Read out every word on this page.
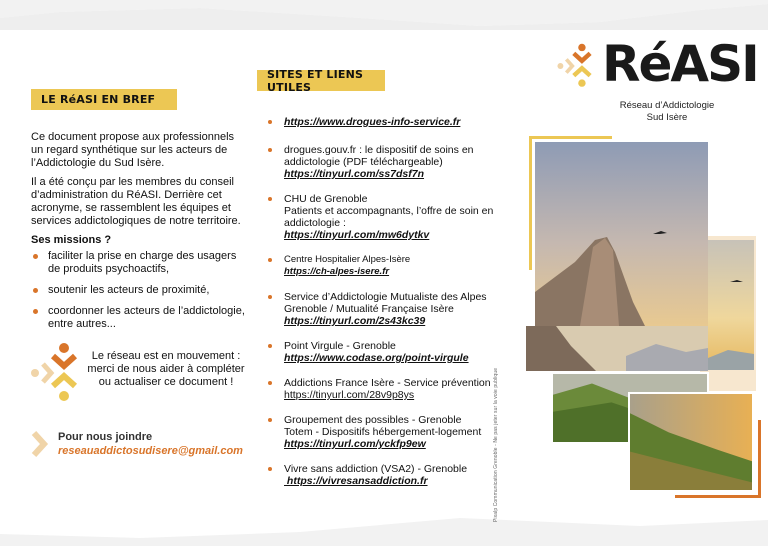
LE RéASI EN BREF

Ce document propose aux professionnels un regard synthétique sur les acteurs de l’Addictologie du Sud Isère.

Il a été conçu par les membres du conseil d’administration du RéASI. Derrière cet acronyme, se rassemblent les équipes et services addictologiques de notre territoire.

Ses missions ?
faciliter la prise en charge des usagers de produits psychoactifs,
soutenir les acteurs de proximité,
coordonner les acteurs de l’addictologie, entre autres...

Le réseau est en mouvement : merci de nous aider à compléter ou actualiser ce document !

Pour nous joindre
reseauaddictosudisere@gmail.com
SITES ET LIENS UTILES
https://www.drogues-info-service.fr
drogues.gouv.fr : le dispositif de soins en addictologie (PDF téléchargeable)
https://tinyurl.com/ss7dsf7n
CHU de Grenoble
Patients et accompagnants, l’offre de soin en addictologie :
https://tinyurl.com/mw6dytkv
Centre Hospitalier Alpes-Isère
https://ch-alpes-isere.fr
Service d’Addictologie Mutualiste des Alpes Grenoble / Mutualité Française Isère
https://tinyurl.com/2s43kc39
Point Virgule - Grenoble
https://www.codase.org/point-virgule
Addictions France Isère - Service prévention
https://tinyurl.com/28v9p8ys
Groupement des possibles - Grenoble
Totem - Dispositifs hébergement-logement
https://tinyurl.com/yckfp9ew
Vivre sans addiction (VSA2) - Grenoble
https://vivresansaddiction.fr	Pixalp Communication Grenoble - Ne pas jeter sur la voie publique
RéASI
Réseau d’Addictologie
Sud Isère
